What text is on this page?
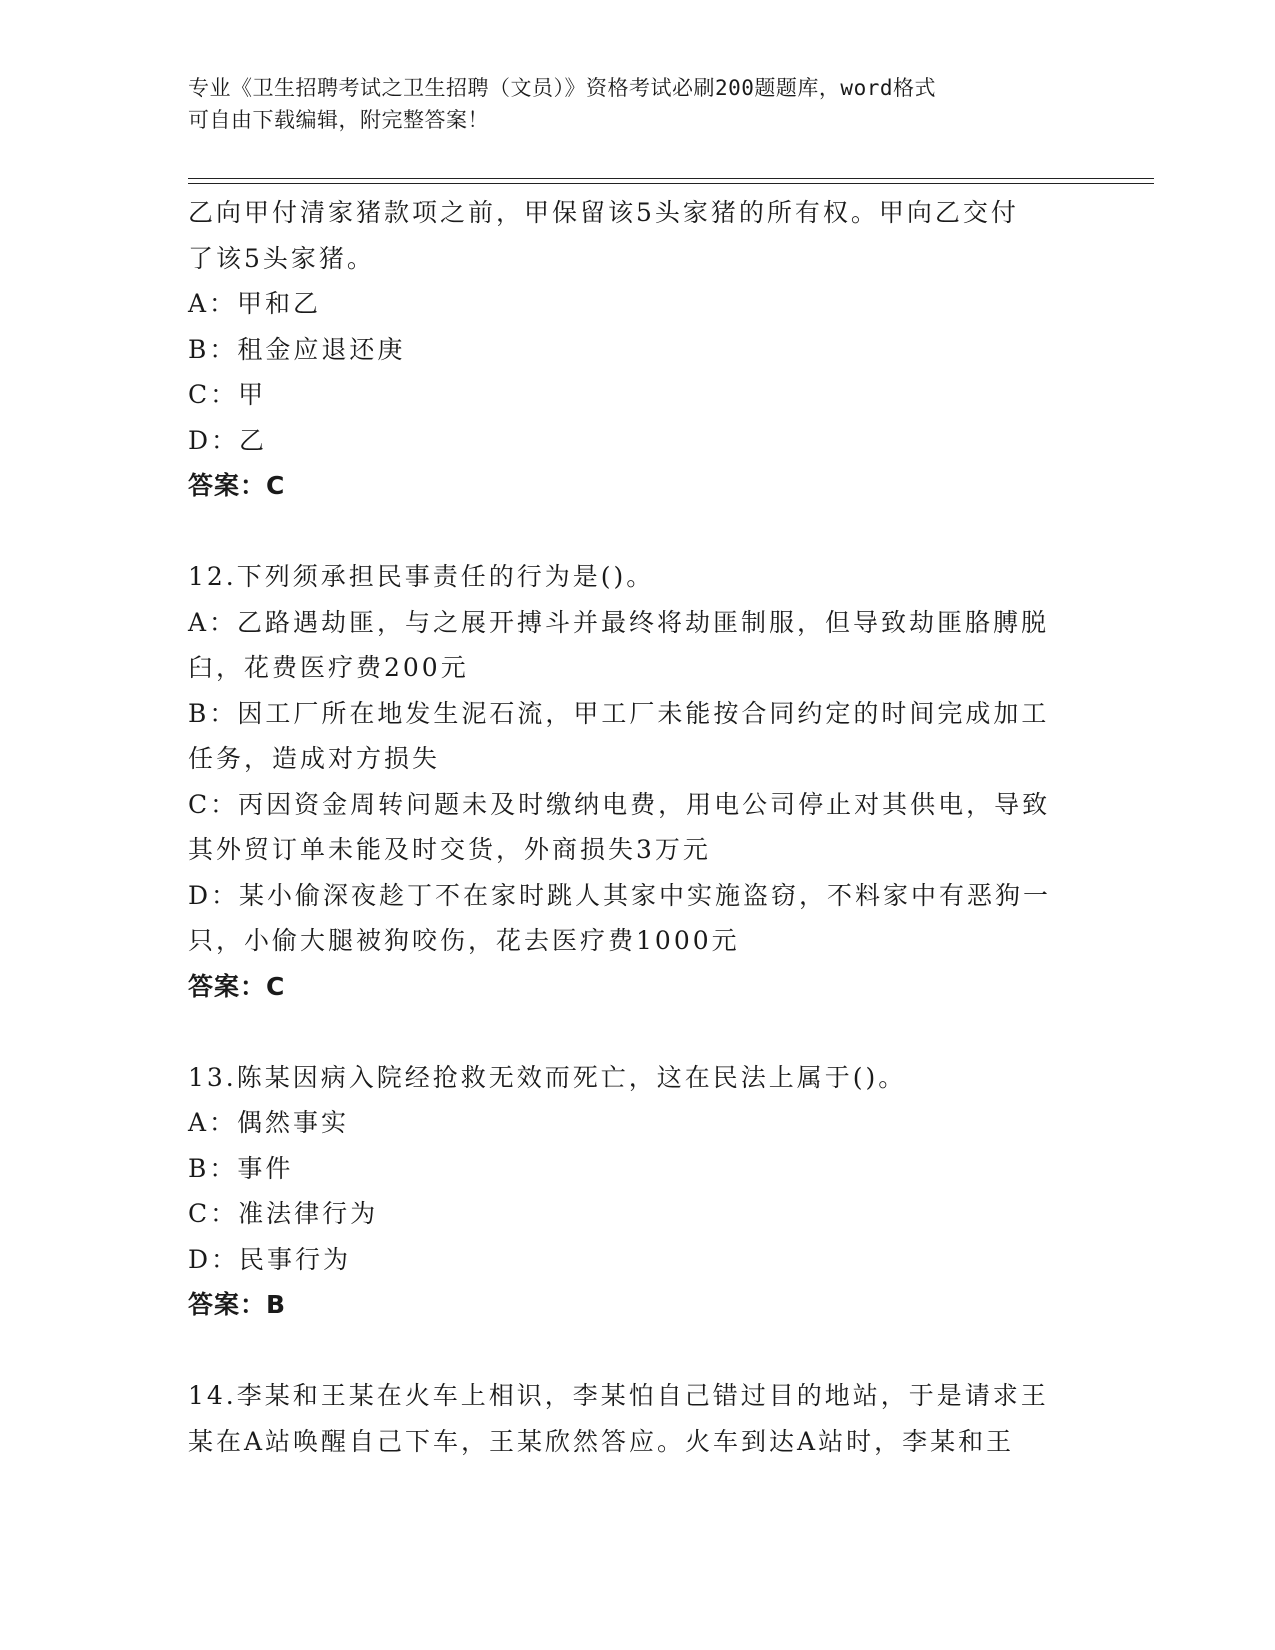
专业《卫生招聘考试之卫生招聘（文员）》资格考试必刷200题题库，word格式

可自由下载编辑，附完整答案！

乙向甲付清家猪款项之前，甲保留该5头家猪的所有权。甲向乙交付

了该5头家猪。

A：甲和乙

B：租金应退还庚

C：甲

D：乙

答案：C

12.下列须承担民事责任的行为是()。

A：乙路遇劫匪，与之展开搏斗并最终将劫匪制服，但导致劫匪胳膊脱

臼，花费医疗费200元

B：因工厂所在地发生泥石流，甲工厂未能按合同约定的时间完成加工

任务，造成对方损失

C：丙因资金周转问题未及时缴纳电费，用电公司停止对其供电，导致

其外贸订单未能及时交货，外商损失3万元

D：某小偷深夜趁丁不在家时跳人其家中实施盗窃，不料家中有恶狗一

只，小偷大腿被狗咬伤，花去医疗费1000元

答案：C

13.陈某因病入院经抢救无效而死亡，这在民法上属于()。

A：偶然事实

B：事件

C：准法律行为

D：民事行为

答案：B

14.李某和王某在火车上相识，李某怕自己错过目的地站，于是请求王

某在A站唤醒自己下车，王某欣然答应。火车到达A站时，李某和王
